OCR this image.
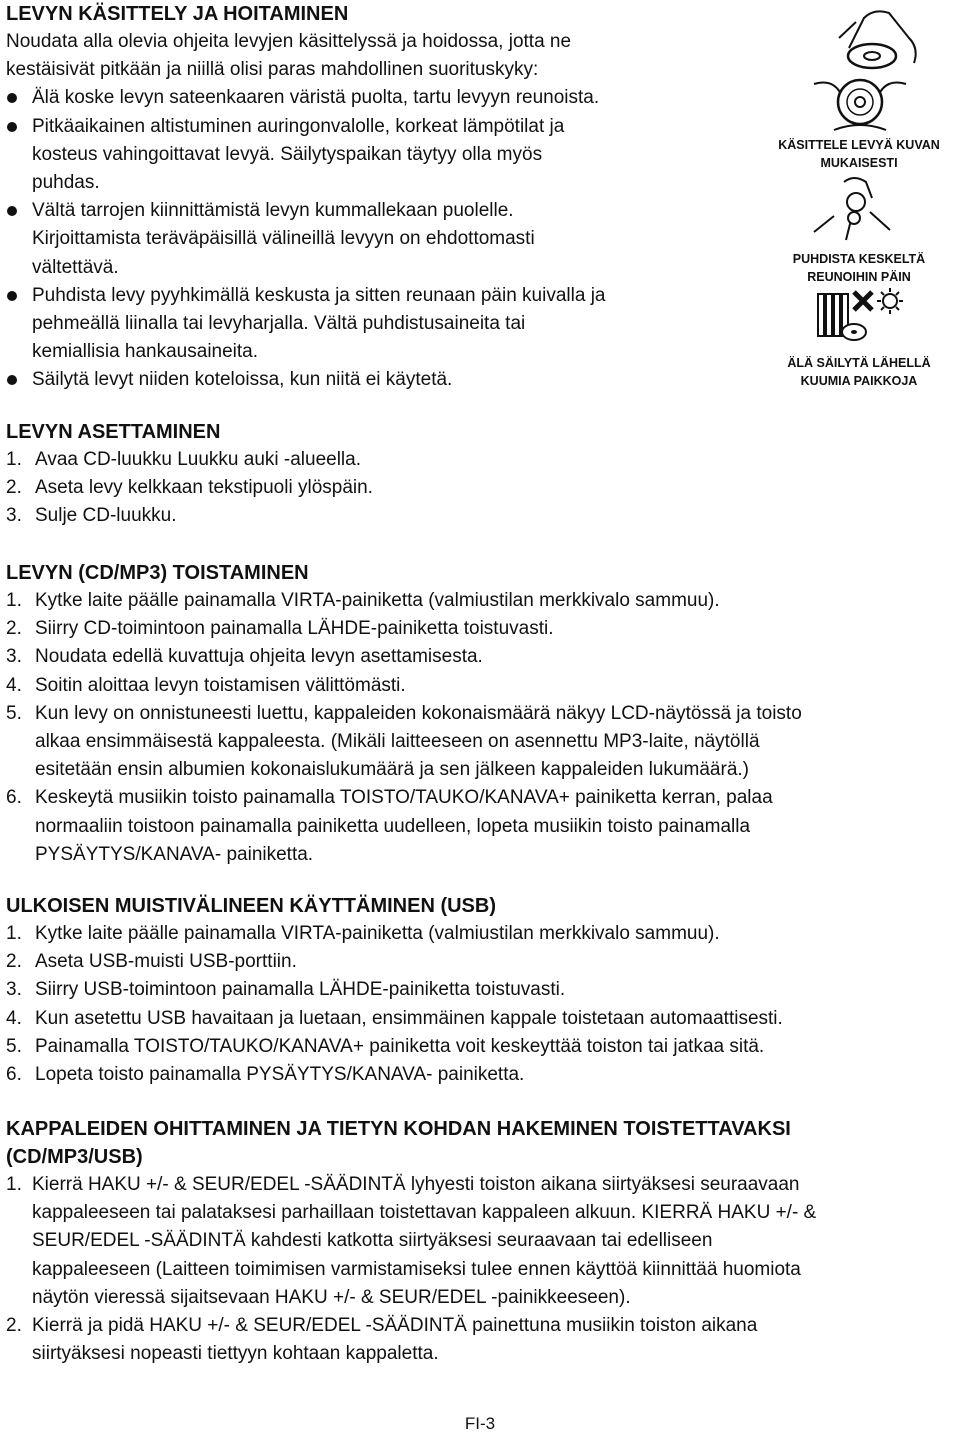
LEVYN KÄSITTELY JA HOITAMINEN

Noudata alla olevia ohjeita levyjen käsittelyssä ja hoidossa, jotta ne

kestäisivät pitkään ja niillä olisi paras mahdollinen suorituskyky:

Älä koske levyn sateenkaaren väristä puolta, tartu levyyn reunoista.
Pitkäaikainen altistuminen auringonvalolle, korkeat lämpötilat ja
kosteus vahingoittavat levyä. Säilytyspaikan täytyy olla myös
puhdas.
Vältä tarrojen kiinnittämistä levyn kummallekaan puolelle.
Kirjoittamista teräväpäisillä välineillä levyyn on ehdottomasti
vältettävä.
Puhdista levy pyyhkimällä keskusta ja sitten reunaan päin kuivalla ja
pehmeällä liinalla tai levyharjalla. Vältä puhdistusaineita tai
kemiallisia hankausaineita.
Säilytä levyt niiden koteloissa, kun niitä ei käytetä.
KÄSITTELE LEVYÄ KUVAN
MUKAISESTI
PUHDISTA KESKELTÄ
REUNOIHIN PÄIN
ÄLÄ SÄILYTÄ LÄHELLÄ
KUUMIA PAIKKOJA
LEVYN ASETTAMINEN
1. Avaa CD-luukku Luukku auki -alueella.
2. Aseta levy kelkkaan tekstipuoli ylöspäin.
3. Sulje CD-luukku.
LEVYN (CD/MP3) TOISTAMINEN
1. Kytke laite päälle painamalla VIRTA-painiketta (valmiustilan merkkivalo sammuu).
2. Siirry CD-toimintoon painamalla LÄHDE-painiketta toistuvasti.
3. Noudata edellä kuvattuja ohjeita levyn asettamisesta.
4. Soitin aloittaa levyn toistamisen välittömästi.
5. Kun levy on onnistuneesti luettu, kappaleiden kokonaismäärä näkyy LCD-näytössä ja toisto
alkaa ensimmäisestä kappaleesta. (Mikäli laitteeseen on asennettu MP3-laite, näytöllä
esitetään ensin albumien kokonaislukumäärä ja sen jälkeen kappaleiden lukumäärä.)
6. Keskeytä musiikin toisto painamalla TOISTO/TAUKO/KANAVA+ painiketta kerran, palaa
normaaliin toistoon painamalla painiketta uudelleen, lopeta musiikin toisto painamalla
PYSÄYTYS/KANAVA- painiketta.
ULKOISEN MUISTIVÄLINEEN KÄYTTÄMINEN (USB)
1. Kytke laite päälle painamalla VIRTA-painiketta (valmiustilan merkkivalo sammuu).
2. Aseta USB-muisti USB-porttiin.
3. Siirry USB-toimintoon painamalla LÄHDE-painiketta toistuvasti.
4. Kun asetettu USB havaitaan ja luetaan, ensimmäinen kappale toistetaan automaattisesti.
5. Painamalla TOISTO/TAUKO/KANAVA+ painiketta voit keskeyttää toiston tai jatkaa sitä.
6. Lopeta toisto painamalla PYSÄYTYS/KANAVA- painiketta.
KAPPALEIDEN OHITTAMINEN JA TIETYN KOHDAN HAKEMINEN TOISTETTAVAKSI
(CD/MP3/USB)
1. Kierrä HAKU +/- & SEUR/EDEL -SÄÄDINTÄ lyhyesti toiston aikana siirtyäksesi seuraavaan
kappaleeseen tai palataksesi parhaillaan toistettavan kappaleen alkuun. KIERRÄ HAKU +/- &
SEUR/EDEL -SÄÄDINTÄ kahdesti katkotta siirtyäksesi seuraavaan tai edelliseen
kappaleeseen (Laitteen toimimisen varmistamiseksi tulee ennen käyttöä kiinnittää huomiota
näytön vieressä sijaitsevaan HAKU +/- & SEUR/EDEL -painikkeeseen).
2. Kierrä ja pidä HAKU +/- & SEUR/EDEL -SÄÄDINTÄ painettuna musiikin toiston aikana
siirtyäksesi nopeasti tiettyyn kohtaan kappaletta.
FI-3
